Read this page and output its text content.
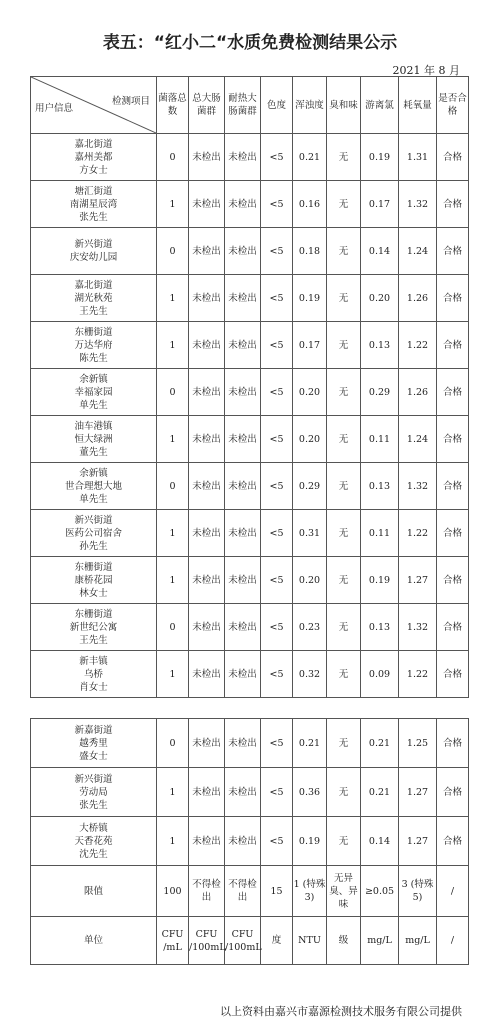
表五：“红小二“水质免费检测结果公示
2021 年 8 月
检测项目
用户信息	菌落总数	总大肠菌群	耐热大肠菌群	色度	浑浊度	臭和味	游离氯	耗氧量	是否合格

嘉北街道
嘉州美都
方女士	0	未检出	未检出	<5	0.21	无	0.19	1.31	合格

塘汇街道
南湖星辰湾
张先生	1	未检出	未检出	<5	0.16	无	0.17	1.32	合格

新兴街道
庆安幼儿园	0	未检出	未检出	<5	0.18	无	0.14	1.24	合格

嘉北街道
湖光秋苑
王先生	1	未检出	未检出	<5	0.19	无	0.20	1.26	合格

东栅街道
万达华府
陈先生	1	未检出	未检出	<5	0.17	无	0.13	1.22	合格

余新镇
幸福家园
单先生	0	未检出	未检出	<5	0.20	无	0.29	1.26	合格

油车港镇
恒大绿洲
董先生	1	未检出	未检出	<5	0.20	无	0.11	1.24	合格

余新镇
世合理想大地
单先生	0	未检出	未检出	<5	0.29	无	0.13	1.32	合格

新兴街道
医药公司宿舍
孙先生	1	未检出	未检出	<5	0.31	无	0.11	1.22	合格

东栅街道
康桥花园
林女士	1	未检出	未检出	<5	0.20	无	0.19	1.27	合格

东栅街道
新世纪公寓
王先生	0	未检出	未检出	<5	0.23	无	0.13	1.32	合格

新丰镇
乌桥
肖女士	1	未检出	未检出	<5	0.32	无	0.09	1.22	合格
新嘉街道
越秀里
盛女士	0	未检出	未检出	<5	0.21	无	0.21	1.25	合格

新兴街道
劳动局
张先生	1	未检出	未检出	<5	0.36	无	0.21	1.27	合格

大桥镇
天香花苑
沈先生	1	未检出	未检出	<5	0.19	无	0.14	1.27	合格
限值	100	不得检出	不得检出	15	1 (特殊 3)	无异臭、异味	≥0.05	3 (特殊 5)	/
单位	CFU /mL	CFU /100mL	CFU /100mL	度	NTU	级	mg/L	mg/L	/
以上资料由嘉兴市嘉源检测技术服务有限公司提供
